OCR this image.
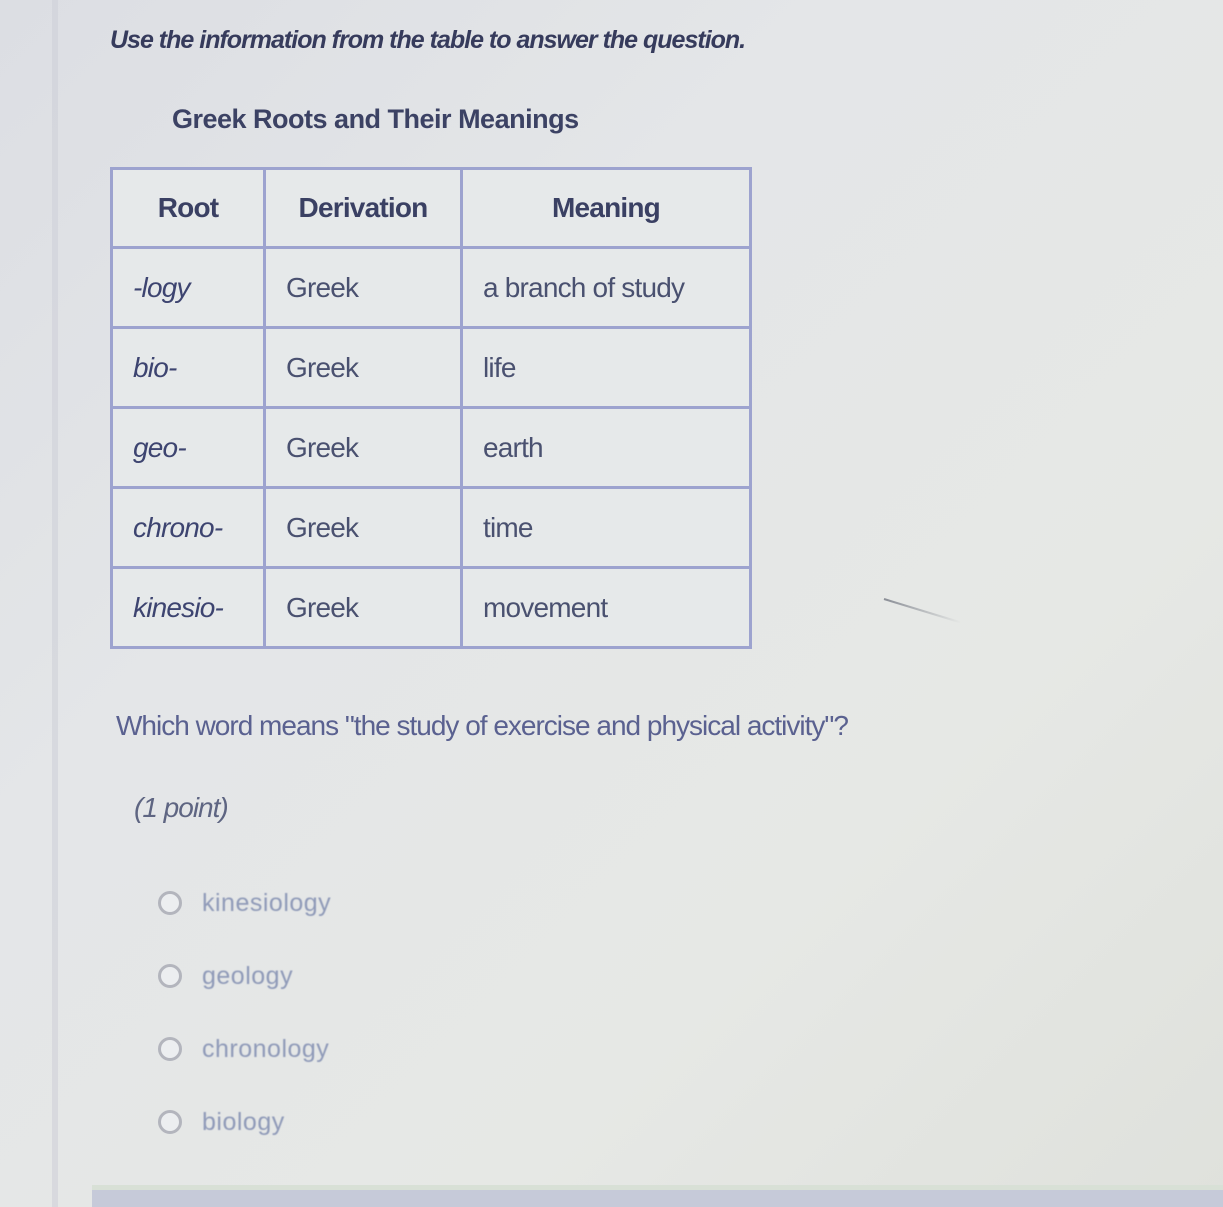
Use the information from the table to answer the question.
Greek Roots and Their Meanings
Root	Derivation	Meaning
-logy	Greek	a branch of study
bio-	Greek	life
geo-	Greek	earth
chrono-	Greek	time
kinesio-	Greek	movement
Which word means "the study of exercise and physical activity"?
(1 point)
kinesiology
geology
chronology
biology
